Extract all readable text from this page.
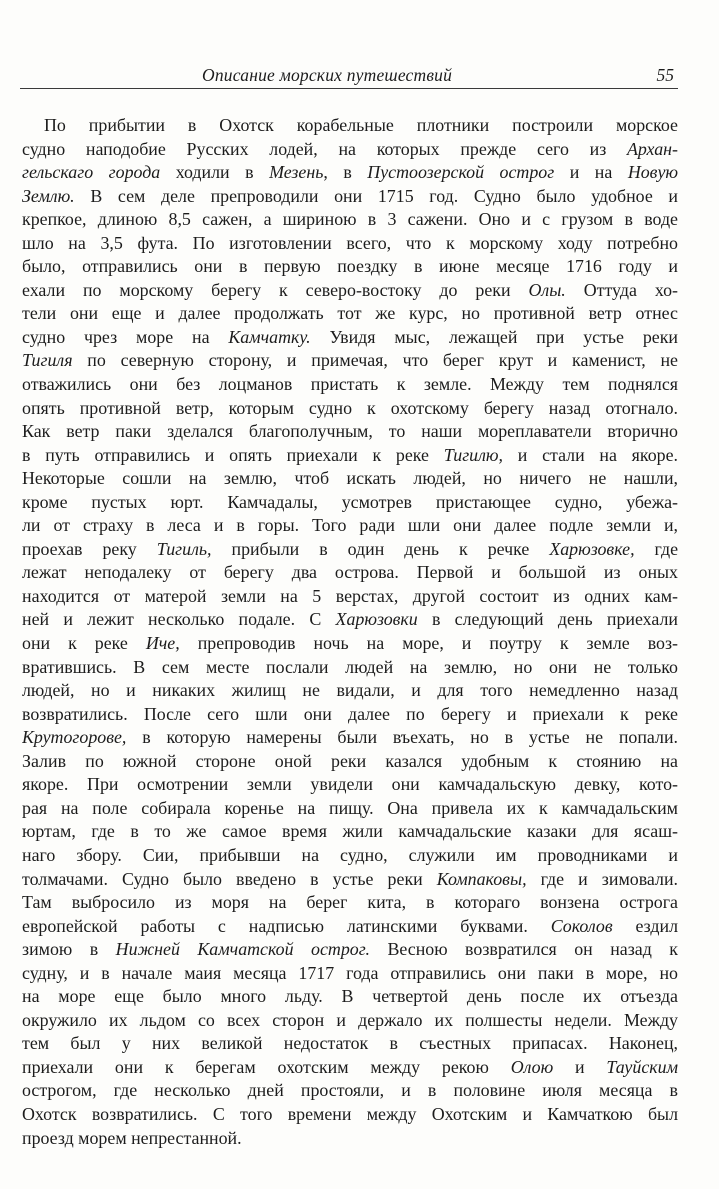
Описание морских путешествий	55
По прибытии в Охотск корабельные плотники построили морское
судно наподобие Русских лодей, на которых прежде сего из Архан-
гельскаго города ходили в Мезень, в Пустоозерской острог и на Новую
Землю. В сем деле препроводили они 1715 год. Судно было удобное и
крепкое, длиною 8,5 сажен, а шириною в 3 сажени. Оно и с грузом в воде
шло на 3,5 фута. По изготовлении всего, что к морскому ходу потребно
было, отправились они в первую поездку в июне месяце 1716 году и
ехали по морскому берегу к северо-востоку до реки Олы. Оттуда хо-
тели они еще и далее продолжать тот же курс, но противной ветр отнес
судно чрез море на Камчатку. Увидя мыс, лежащей при устье реки
Тигиля по северную сторону, и примечая, что берег крут и каменист, не
отважились они без лоцманов пристать к земле. Между тем поднялся
опять противной ветр, которым судно к охотскому берегу назад отогнало.
Как ветр паки зделался благополучным, то наши мореплаватели вторично
в путь отправились и опять приехали к реке Тигилю, и стали на якоре.
Некоторые сошли на землю, чтоб искать людей, но ничего не нашли,
кроме пустых юрт. Камчадалы, усмотрев пристающее судно, убежа-
ли от страху в леса и в горы. Того ради шли они далее подле земли и,
проехав реку Тигиль, прибыли в один день к речке Харюзовке, где
лежат неподалеку от берегу два острова. Первой и большой из оных
находится от матерой земли на 5 верстах, другой состоит из одних кам-
ней и лежит несколько подале. С Харюзовки в следующий день приехали
они к реке Иче, препроводив ночь на море, и поутру к земле воз-
вратившись. В сем месте послали людей на землю, но они не только
людей, но и никаких жилищ не видали, и для того немедленно назад
возвратились. После сего шли они далее по берегу и приехали к реке
Крутогорове, в которую намерены были въехать, но в устье не попали.
Залив по южной стороне оной реки казался удобным к стоянию на
якоре. При осмотрении земли увидели они камчадальскую девку, кото-
рая на поле собирала коренье на пищу. Она привела их к камчадальским
юртам, где в то же самое время жили камчадальские казаки для ясаш-
наго збору. Сии, прибывши на судно, служили им проводниками и
толмачами. Судно было введено в устье реки Компаковы, где и зимовали.
Там выбросило из моря на берег кита, в котораго вонзена острога
европейской работы с надписью латинскими буквами. Соколов ездил
зимою в Нижней Камчатской острог. Весною возвратился он назад к
судну, и в начале маия месяца 1717 года отправились они паки в море, но
на море еще было много льду. В четвертой день после их отъезда
окружило их льдом со всех сторон и держало их полшесты недели. Между
тем был у них великой недостаток в съестных припасах. Наконец,
приехали они к берегам охотским между рекою Олою и Тауйским
острогом, где несколько дней простояли, и в половине июля месяца в
Охотск возвратились. С того времени между Охотским и Камчаткою был
проезд морем непрестанной.
